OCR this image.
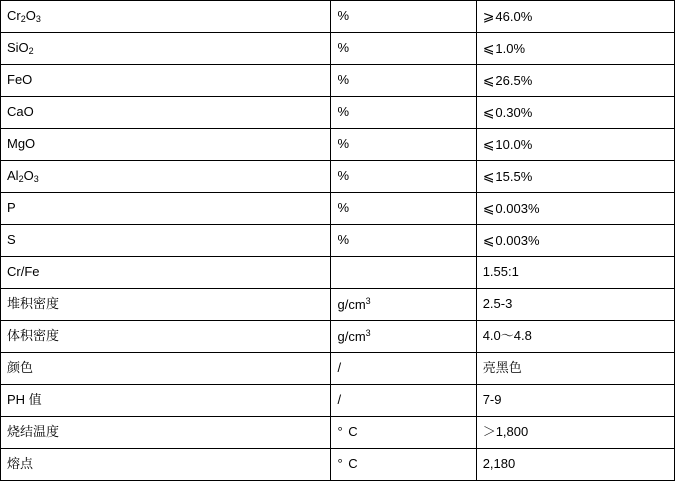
$Cr_2O_3$	%	⩾46.0%
SiO$_2$	%	⩽1.0%
FeO	%	⩽26.5%
CaO	%	⩽0.30%
MgO	%	⩽10.0%
$Al_2O_3$	%	⩽15.5%
P	%	⩽0.003%
S	%	⩽0.003%
Cr/Fe		1.55:1
堆积密度	$g/cm^3$	2.5-3
体积密度	$g/cm^3$	4.0～4.8
颜色	/	亮黑色
PH 值	/	7-9
烧结温度	° C	＞1,800
熔点	° C	2,180
